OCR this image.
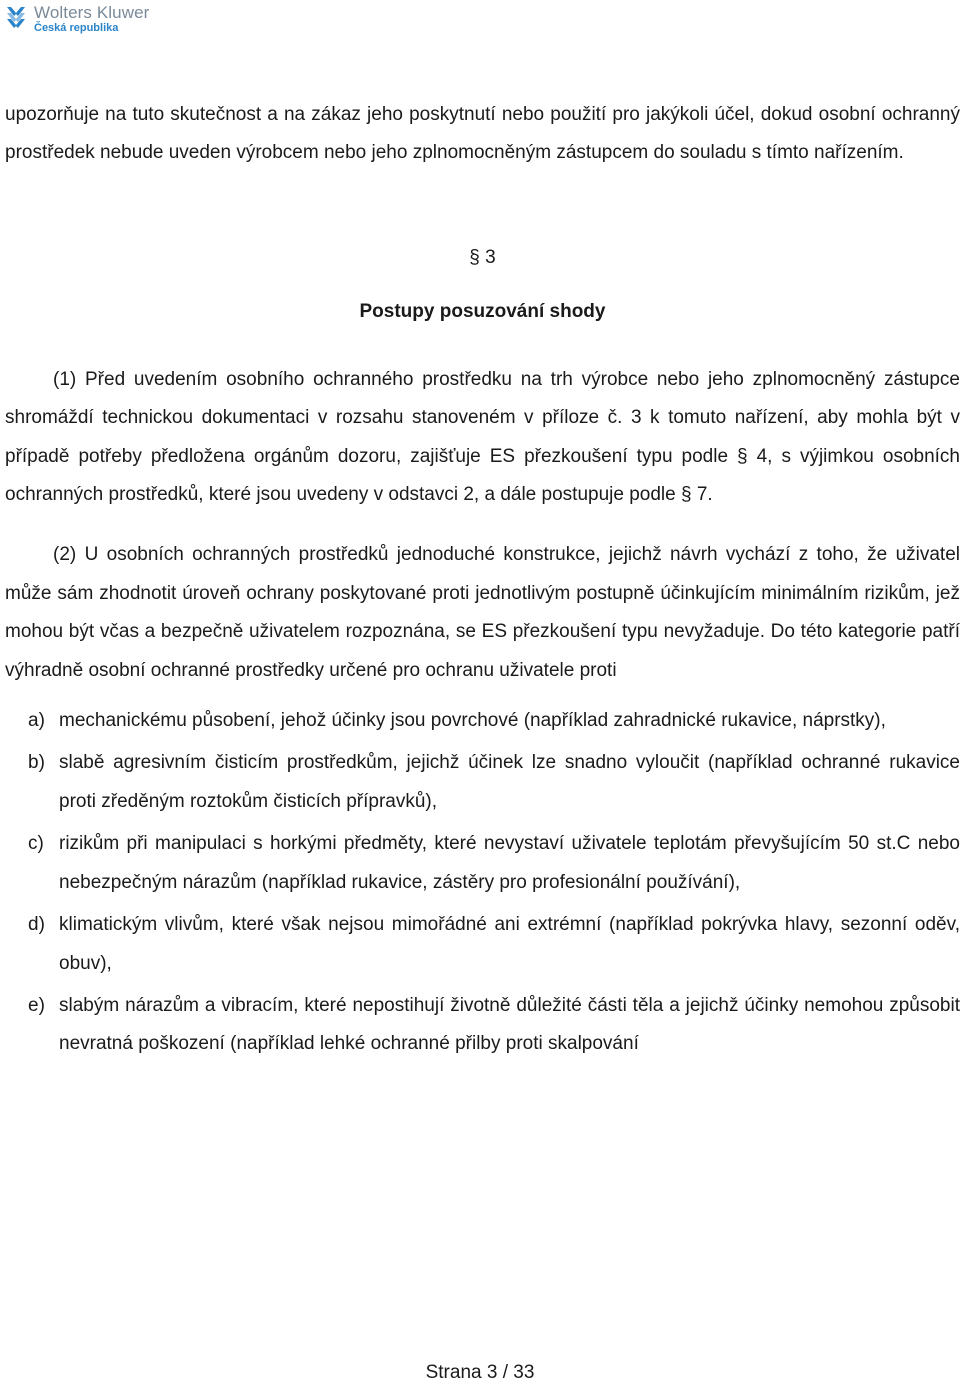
Wolters Kluwer
Česká republika

upozorňuje na tuto skutečnost a na zákaz jeho poskytnutí nebo použití pro jakýkoli účel, dokud osobní ochranný prostředek nebude uveden výrobcem nebo jeho zplnomocněným zástupcem do souladu s tímto nařízením.

§ 3

Postupy posuzování shody

(1) Před uvedením osobního ochranného prostředku na trh výrobce nebo jeho zplnomocněný zástupce shromáždí technickou dokumentaci v rozsahu stanoveném v příloze č. 3 k tomuto nařízení, aby mohla být v případě potřeby předložena orgánům dozoru, zajišťuje ES přezkoušení typu podle § 4, s výjimkou osobních ochranných prostředků, které jsou uvedeny v odstavci 2, a dále postupuje podle § 7.

(2) U osobních ochranných prostředků jednoduché konstrukce, jejichž návrh vychází z toho, že uživatel může sám zhodnotit úroveň ochrany poskytované proti jednotlivým postupně účinkujícím minimálním rizikům, jež mohou být včas a bezpečně uživatelem rozpoznána, se ES přezkoušení typu nevyžaduje. Do této kategorie patří výhradně osobní ochranné prostředky určené pro ochranu uživatele proti

a) mechanickému působení, jehož účinky jsou povrchové (například zahradnické rukavice, náprstky),
b) slabě agresivním čisticím prostředkům, jejichž účinek lze snadno vyloučit (například ochranné rukavice proti zředěným roztokům čisticích přípravků),
c) rizikům při manipulaci s horkými předměty, které nevystaví uživatele teplotám převyšujícím 50 st.C nebo nebezpečným nárazům (například rukavice, zástěry pro profesionální používání),
d) klimatickým vlivům, které však nejsou mimořádné ani extrémní (například pokrývka hlavy, sezonní oděv, obuv),
e) slabým nárazům a vibracím, které nepostihují životně důležité části těla a jejichž účinky nemohou způsobit nevratná poškození (například lehké ochranné přilby proti skalpování
Strana 3 / 33
